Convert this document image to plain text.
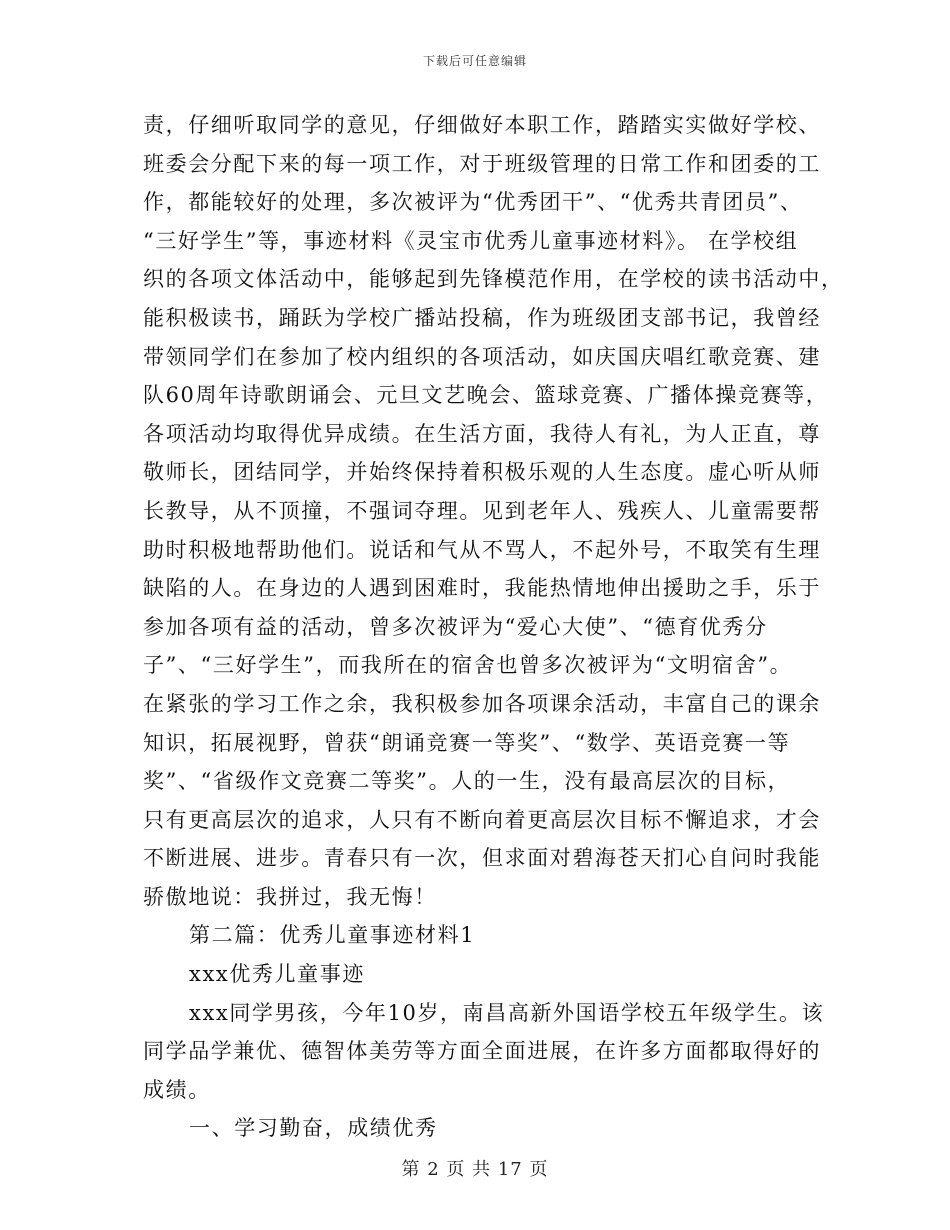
下载后可任意编辑
责，仔细听取同学的意见，仔细做好本职工作，踏踏实实做好学校、
班委会分配下来的每一项工作，对于班级管理的日常工作和团委的工
作，都能较好的处理，多次被评为“优秀团干”、“优秀共青团员”、
“三好学生”等，事迹材料《灵宝市优秀儿童事迹材料》。 在学校组
织的各项文体活动中，能够起到先锋模范作用，在学校的读书活动中，
能积极读书，踊跃为学校广播站投稿，作为班级团支部书记，我曾经
带领同学们在参加了校内组织的各项活动，如庆国庆唱红歌竞赛、建
队60周年诗歌朗诵会、元旦文艺晚会、篮球竞赛、广播体操竞赛等，
各项活动均取得优异成绩。在生活方面，我待人有礼，为人正直，尊
敬师长，团结同学，并始终保持着积极乐观的人生态度。虚心听从师
长教导，从不顶撞，不强词夺理。见到老年人、残疾人、儿童需要帮
助时积极地帮助他们。说话和气从不骂人，不起外号，不取笑有生理
缺陷的人。在身边的人遇到困难时，我能热情地伸出援助之手，乐于
参加各项有益的活动，曾多次被评为“爱心大使”、“德育优秀分
子”、“三好学生”，而我所在的宿舍也曾多次被评为“文明宿舍”。
在紧张的学习工作之余，我积极参加各项课余活动，丰富自己的课余
知识，拓展视野，曾获“朗诵竞赛一等奖”、“数学、英语竞赛一等
奖”、“省级作文竞赛二等奖”。人的一生，没有最高层次的目标，
只有更高层次的追求，人只有不断向着更高层次目标不懈追求，才会
不断进展、进步。青春只有一次，但求面对碧海苍天扪心自问时我能
骄傲地说：我拼过，我无悔！
第二篇：优秀儿童事迹材料1
xxx优秀儿童事迹
xxx同学男孩，今年10岁，南昌高新外国语学校五年级学生。该
同学品学兼优、德智体美劳等方面全面进展，在许多方面都取得好的
成绩。
一、学习勤奋，成绩优秀
第 2 页 共 17 页
